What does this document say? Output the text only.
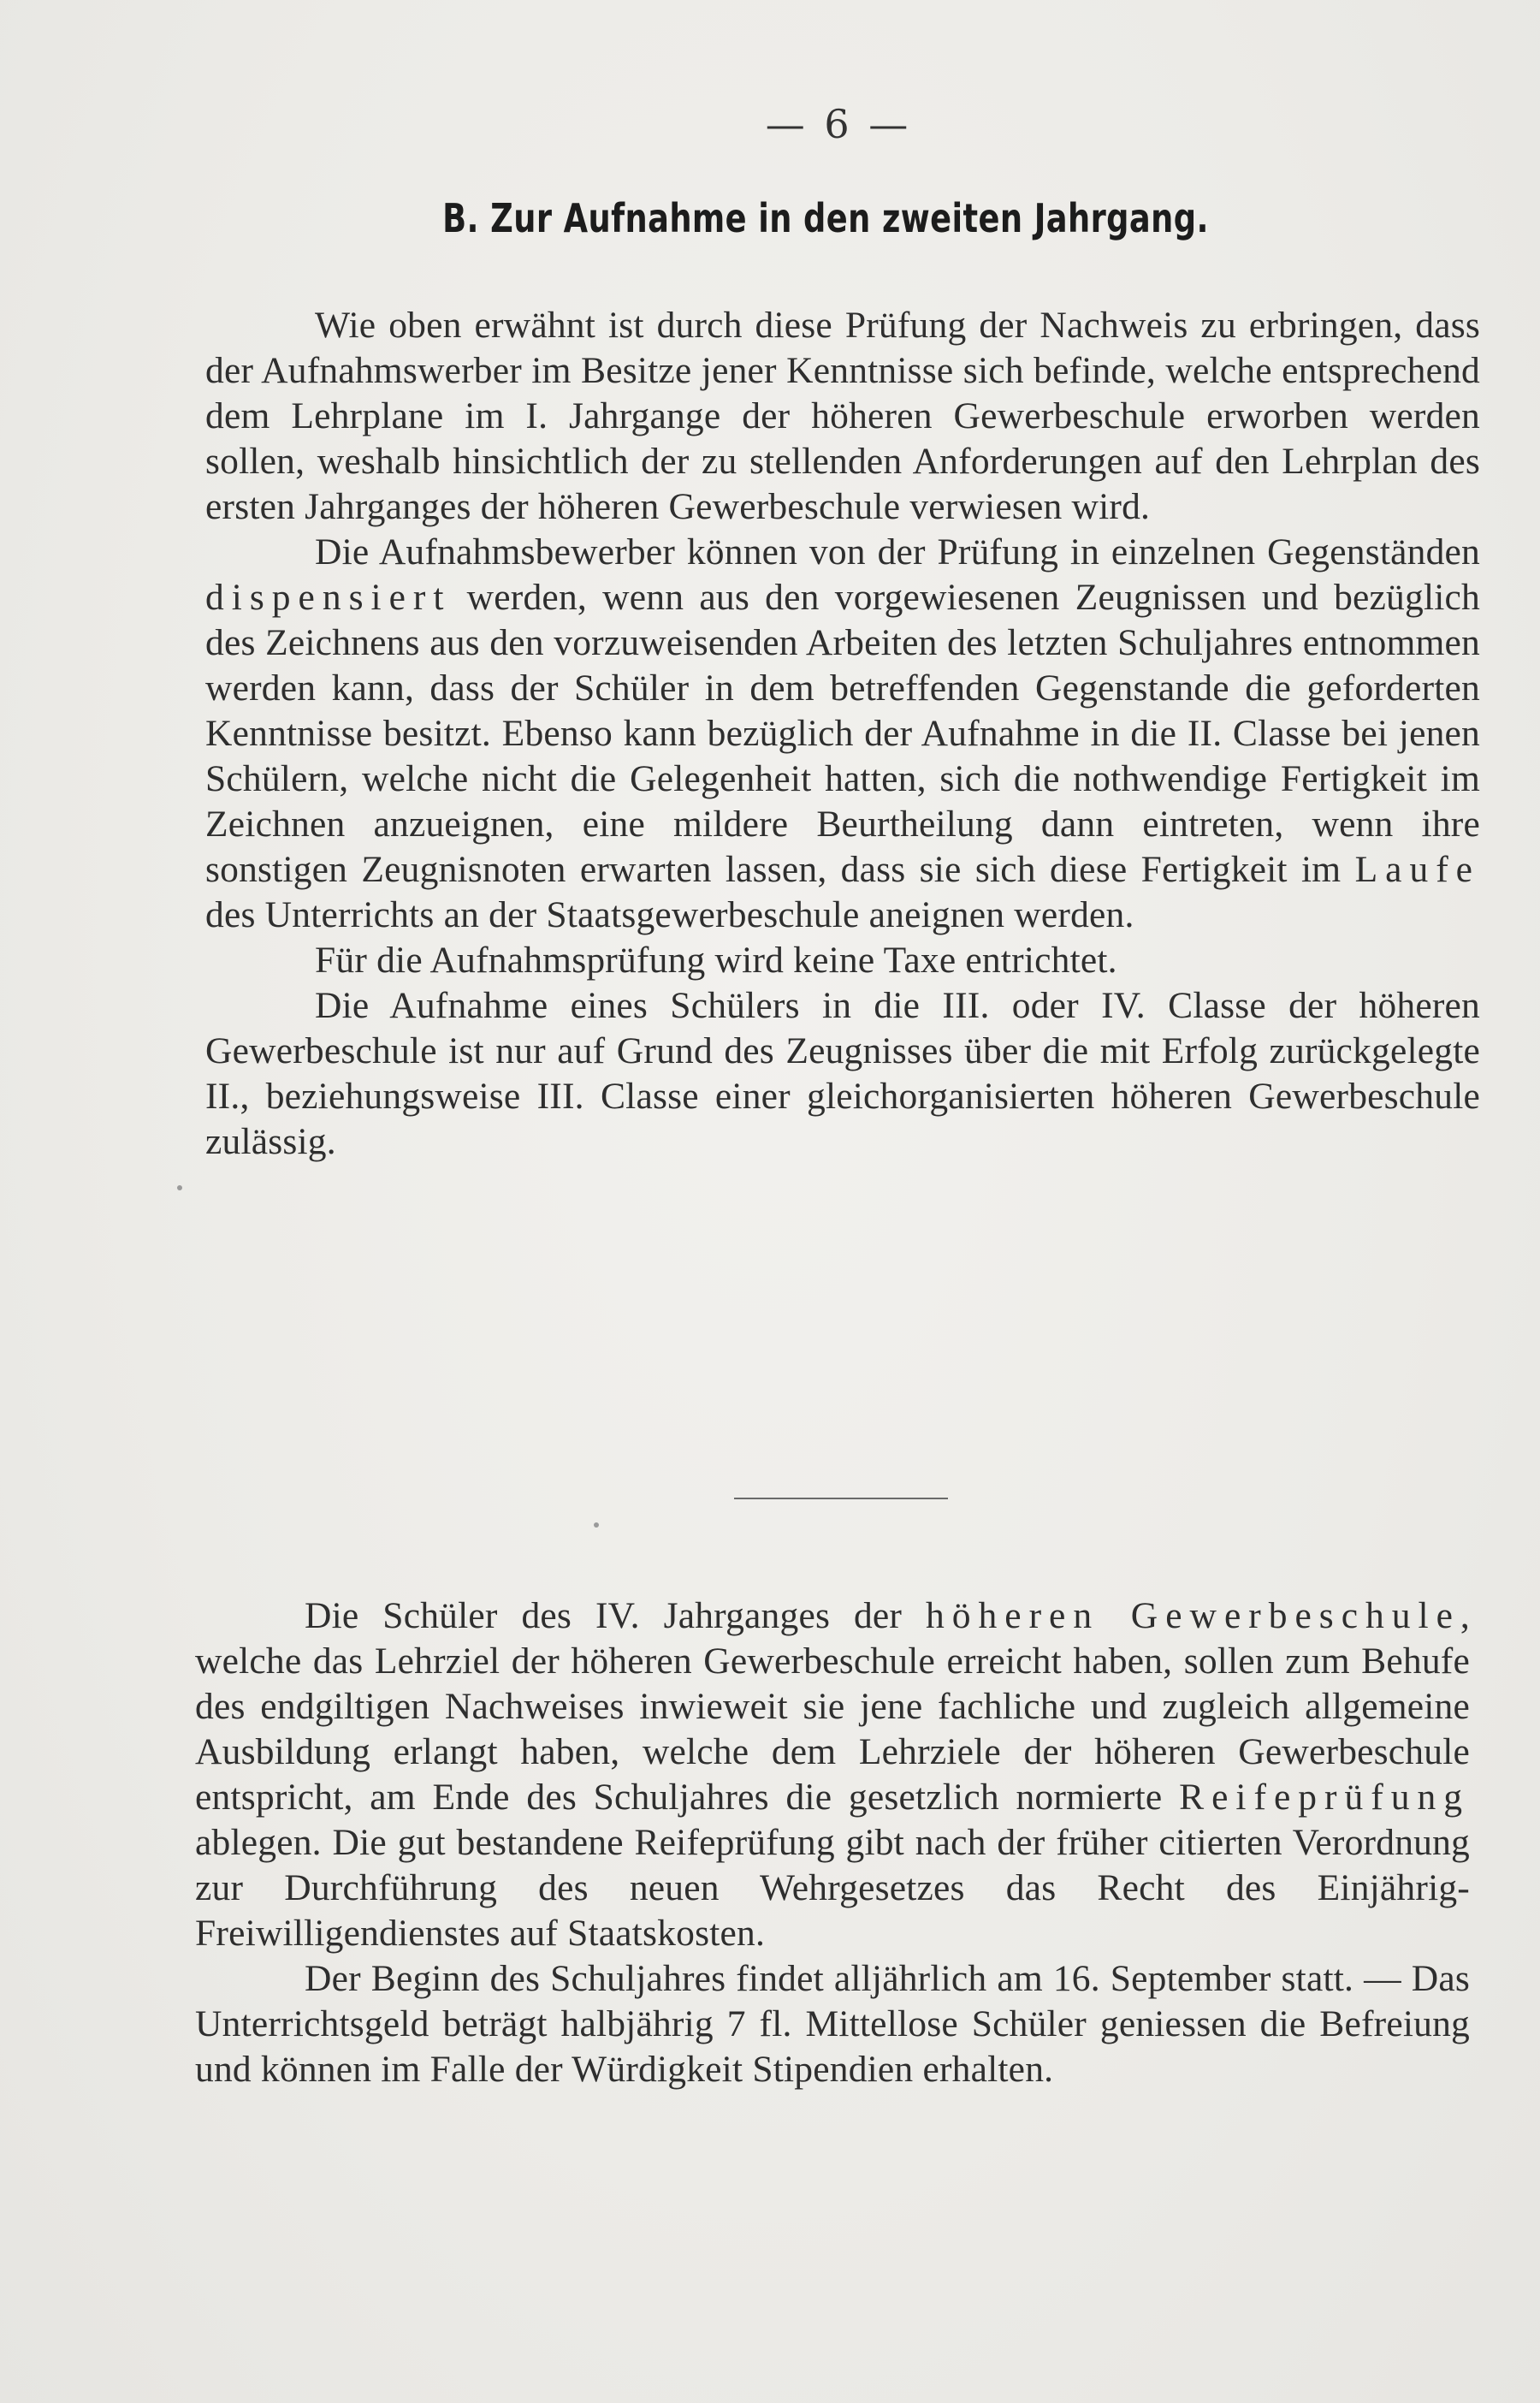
— 6 —
B. Zur Aufnahme in den zweiten Jahrgang.

Wie oben erwähnt ist durch diese Prüfung der Nachweis zu erbringen, dass der Aufnahmswerber im Besitze jener Kenntnisse sich befinde, welche entsprechend dem Lehrplane im I. Jahrgange der höheren Gewerbeschule erworben werden sollen, weshalb hinsichtlich der zu stellenden Anforderungen auf den Lehrplan des ersten Jahrganges der höheren Gewerbeschule verwiesen wird.

Die Aufnahmsbewerber können von der Prüfung in einzelnen Gegenständen dispensiert werden, wenn aus den vorgewiesenen Zeugnissen und bezüglich des Zeichnens aus den vorzuweisenden Arbeiten des letzten Schuljahres entnommen werden kann, dass der Schüler in dem betreffenden Gegenstande die geforderten Kenntnisse besitzt. Ebenso kann bezüglich der Aufnahme in die II. Classe bei jenen Schülern, welche nicht die Gelegenheit hatten, sich die nothwendige Fertigkeit im Zeichnen anzueignen, eine mildere Beurtheilung dann eintreten, wenn ihre sonstigen Zeugnisnoten erwarten lassen, dass sie sich diese Fertigkeit im Laufe des Unterrichts an der Staatsgewerbeschule aneignen werden.

Für die Aufnahmsprüfung wird keine Taxe entrichtet.

Die Aufnahme eines Schülers in die III. oder IV. Classe der höheren Gewerbeschule ist nur auf Grund des Zeugnisses über die mit Erfolg zurückgelegte II., beziehungsweise III. Classe einer gleichorganisierten höheren Gewerbeschule zulässig.

Die Schüler des IV. Jahrganges der höheren Gewerbeschule, welche das Lehrziel der höheren Gewerbeschule erreicht haben, sollen zum Behufe des endgiltigen Nachweises inwieweit sie jene fachliche und zugleich allgemeine Ausbildung erlangt haben, welche dem Lehrziele der höheren Gewerbeschule entspricht, am Ende des Schuljahres die gesetzlich normierte Reifeprüfung ablegen. Die gut bestandene Reifeprüfung gibt nach der früher citierten Verordnung zur Durchführung des neuen Wehrgesetzes das Recht des Einjährig-Freiwilligendienstes auf Staatskosten.

Der Beginn des Schuljahres findet alljährlich am 16. September statt. — Das Unterrichtsgeld beträgt halbjährig 7 fl. Mittellose Schüler geniessen die Befreiung und können im Falle der Würdigkeit Stipendien erhalten.
